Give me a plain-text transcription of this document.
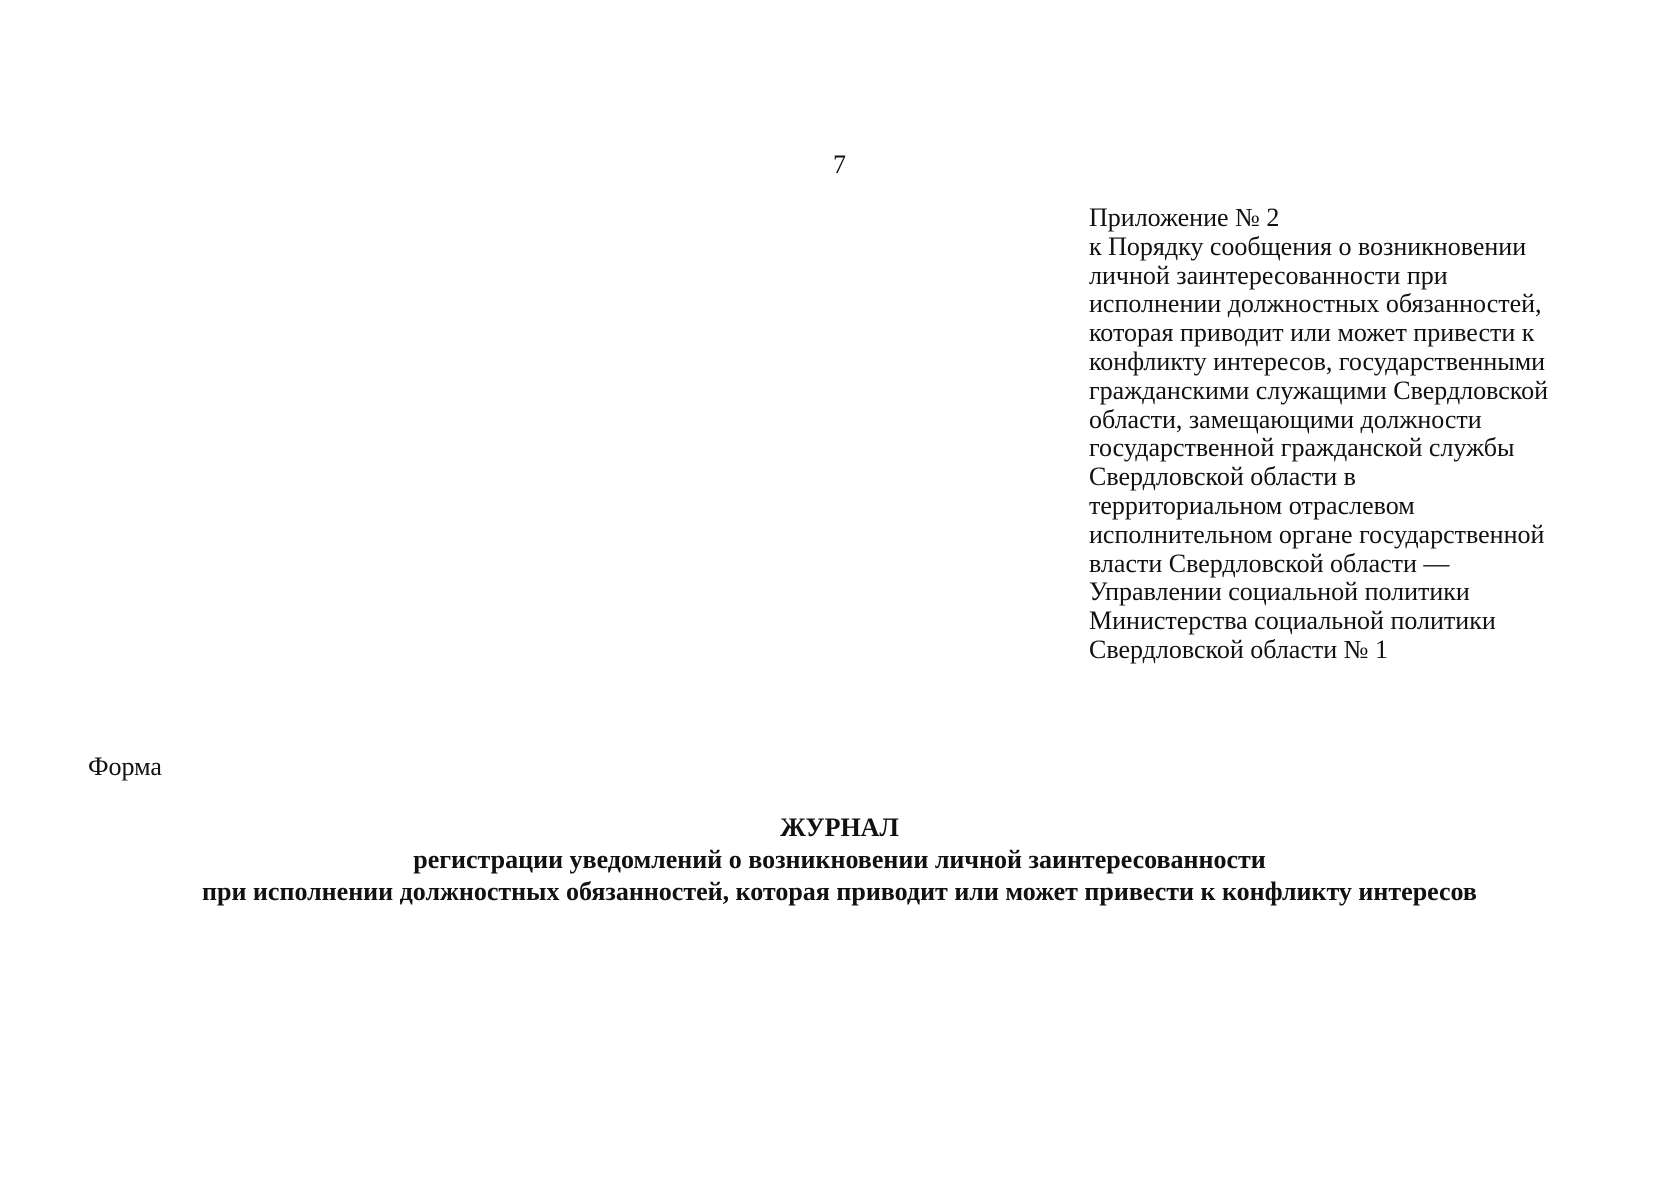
7
Приложение № 2
к Порядку сообщения о возникновении
личной заинтересованности при
исполнении должностных обязанностей,
которая приводит или может привести к
конфликту интересов, государственными
гражданскими служащими Свердловской
области, замещающими должности
государственной гражданской службы
Свердловской области в
территориальном отраслевом
исполнительном органе государственной
власти Свердловской области —
Управлении социальной политики
Министерства социальной политики
Свердловской области № 1
Форма
ЖУРНАЛ
регистрации уведомлений о возникновении личной заинтересованности
при исполнении должностных обязанностей, которая приводит или может привести к конфликту интересов
